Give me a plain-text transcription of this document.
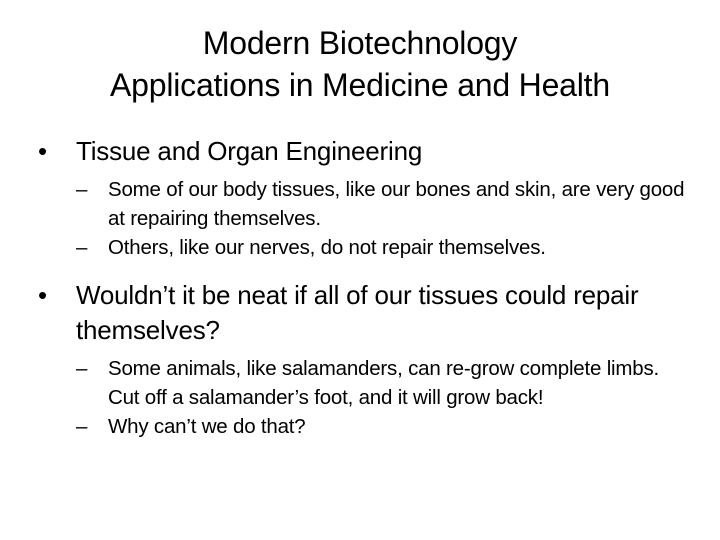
Modern Biotechnology
Applications in Medicine and Health
•	Tissue and Organ Engineering
– Some of our body tissues, like our bones and skin, are very good at repairing themselves.
– Others, like our nerves, do not repair themselves.
•	Wouldn’t it be neat if all of our tissues could repair themselves?
– Some animals, like salamanders, can re-grow complete limbs. Cut off a salamander’s foot, and it will grow back!
– Why can’t we do that?
